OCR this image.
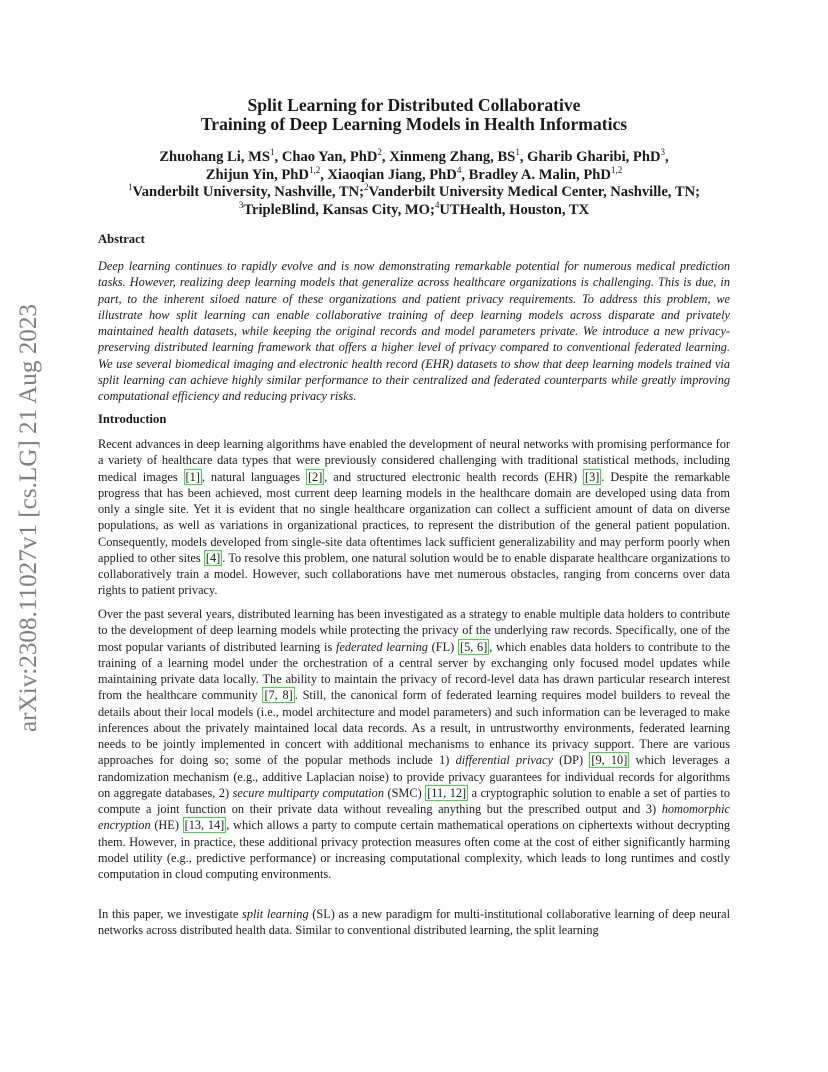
arXiv:2308.11027v1 [cs.LG] 21 Aug 2023
Split Learning for Distributed Collaborative
Training of Deep Learning Models in Health Informatics
Zhuohang Li, $MS^1$, Chao Yan, PhD$^2$, Xinmeng Zhang, $BS^1$, Gharib Gharibi, PhD$^3$,
Zhijun Yin, PhD$^{1,2}$, Xiaoqian Jiang, PhD$^4$, Bradley A. Malin, PhD$^{1,2}$
$^1$Vanderbilt University, Nashville, TN;$^2$Vanderbilt University Medical Center, Nashville, TN;
$^3$TripleBlind, Kansas City, MO;$^4$UTHealth, Houston, TX
Abstract

Deep learning continues to rapidly evolve and is now demonstrating remarkable potential for numerous medical prediction tasks. However, realizing deep learning models that generalize across healthcare organizations is challenging. This is due, in part, to the inherent siloed nature of these organizations and patient privacy requirements. To address this problem, we illustrate how split learning can enable collaborative training of deep learning models across disparate and privately maintained health datasets, while keeping the original records and model parameters private. We introduce a new privacy-preserving distributed learning framework that offers a higher level of privacy compared to conventional federated learning. We use several biomedical imaging and electronic health record (EHR) datasets to show that deep learning models trained via split learning can achieve highly similar performance to their centralized and federated counterparts while greatly improving computational efficiency and reducing privacy risks.

Introduction

Recent advances in deep learning algorithms have enabled the development of neural networks with promising performance for a variety of healthcare data types that were previously considered challenging with traditional statistical methods, including medical images [1] , natural languages [2] , and structured electronic health records (EHR) [3] . Despite the remarkable progress that has been achieved, most current deep learning models in the healthcare domain are developed using data from only a single site. Yet it is evident that no single healthcare organization can collect a sufficient amount of data on diverse populations, as well as variations in organizational practices, to represent the distribution of the general patient population. Consequently, models developed from single-site data oftentimes lack sufficient generalizability and may perform poorly when applied to other sites [4] . To resolve this problem, one natural solution would be to enable disparate healthcare organizations to collaboratively train a model. However, such collaborations have met numerous obstacles, ranging from concerns over data rights to patient privacy.

Over the past several years, distributed learning has been investigated as a strategy to enable multiple data holders to contribute to the development of deep learning models while protecting the privacy of the underlying raw records. Specifically, one of the most popular variants of distributed learning is federated learning (FL) [5, 6] , which enables data holders to contribute to the training of a learning model under the orchestration of a central server by exchanging only focused model updates while maintaining private data locally. The ability to maintain the privacy of record-level data has drawn particular research interest from the healthcare community [7, 8] . Still, the canonical form of federated learning requires model builders to reveal the details about their local models (i.e., model architecture and model parameters) and such information can be leveraged to make inferences about the privately maintained local data records. As a result, in untrustworthy environments, federated learning needs to be jointly implemented in concert with additional mechanisms to enhance its privacy support. There are various approaches for doing so; some of the popular methods include 1) differential privacy (DP) [9, 10] which leverages a randomization mechanism (e.g., additive Laplacian noise) to provide privacy guarantees for individual records for algorithms on aggregate databases, 2) secure multiparty computation (SMC) [11, 12] a cryptographic solution to enable a set of parties to compute a joint function on their private data without revealing anything but the prescribed output and 3) homomorphic encryption (HE) [13, 14] , which allows a party to compute certain mathematical operations on ciphertexts without decrypting them. However, in practice, these additional privacy protection measures often come at the cost of either significantly harming model utility (e.g., predictive performance) or increasing computational complexity, which leads to long runtimes and costly computation in cloud computing environments.

In this paper, we investigate split learning (SL) as a new paradigm for multi-institutional collaborative learning of deep neural networks across distributed health data. Similar to conventional distributed learning, the split learning
